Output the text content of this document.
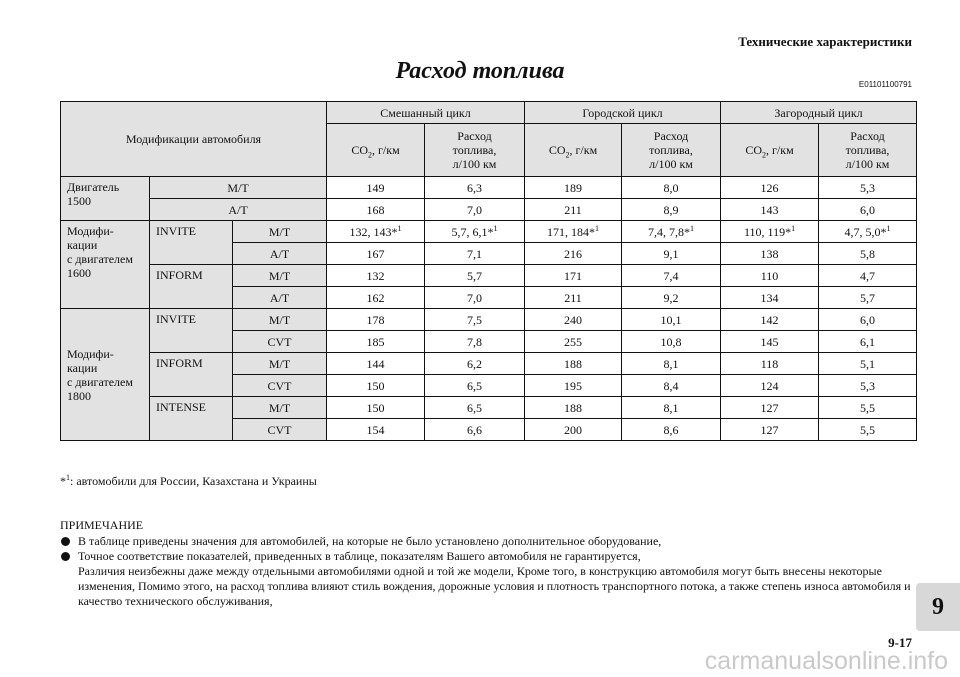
Технические характеристики
Расход топлива
E01101100791
Модификации автомобиля			Смешанный цикл		Городской цикл		Загородный цикл	
			$CO_2$, г/км	Расход
топлива,
л/100 км	$CO_2$, г/км	Расход
топлива,
л/100 км	$CO_2$, г/км	Расход
топлива,
л/100 км
Двигатель
1500	M/T		149	6,3	189	8,0	126	5,3
	A/T		168	7,0	211	8,9	143	6,0
Модифи-
кации
с двигателем
1600	INVITE	M/T	132, 143*$^1$	5,7, 6,1*$^1$	171, 184*$^1$	7,4, 7,8*$^1$	110, 119*$^1$	4,7, 5,0*$^1$
		A/T	167	7,1	216	9,1	138	5,8
	INFORM	M/T	132	5,7	171	7,4	110	4,7
		A/T	162	7,0	211	9,2	134	5,7
Модифи-
кации
с двигателем
1800	INVITE	M/T	178	7,5	240	10,1	142	6,0
		CVT	185	7,8	255	10,8	145	6,1
	INFORM	M/T	144	6,2	188	8,1	118	5,1
		CVT	150	6,5	195	8,4	124	5,3
	INTENSE	M/T	150	6,5	188	8,1	127	5,5
		CVT	154	6,6	200	8,6	127	5,5
*$^1$: автомобили для России, Казахстана и Украины
ПРИМЕЧАНИЕ
В таблице приведены значения для автомобилей, на которые не было установлено дополнительное оборудование,
Точное соответствие показателей, приведенных в таблице, показателям Вашего автомобиля не гарантируется,
Различия неизбежны даже между отдельными автомобилями одной и той же модели, Кроме того, в конструкцию автомобиля могут быть внесены некоторые изменения, Помимо этого, на расход топлива влияют стиль вождения, дорожные условия и плотность транспортного потока, а также степень износа автомобиля и качество технического обслуживания,	9
9-17
carmanualsonline.info
